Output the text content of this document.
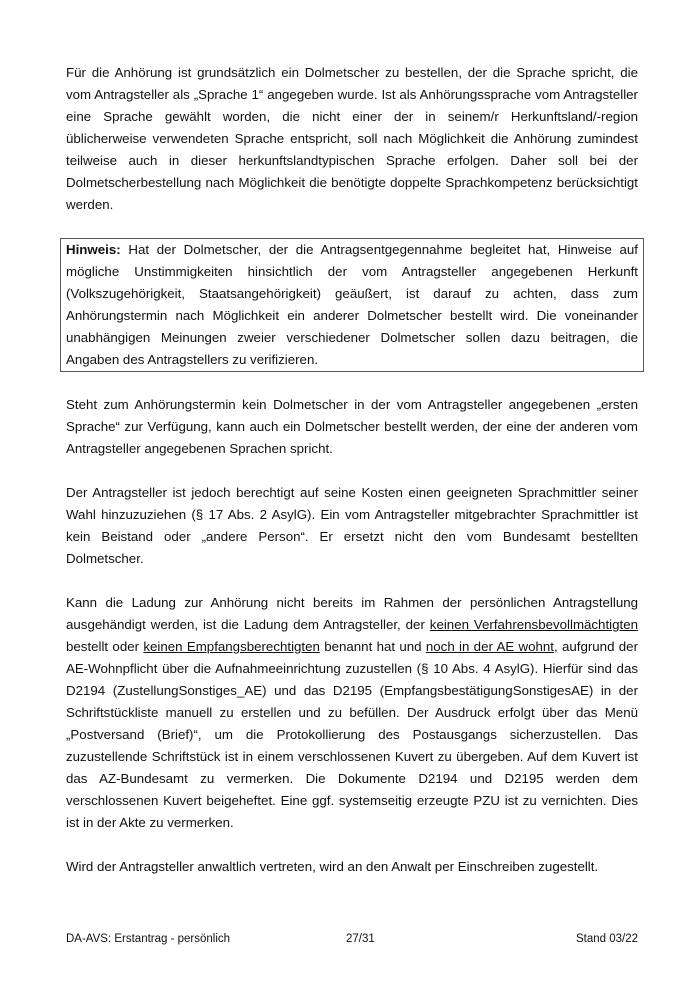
Für die Anhörung ist grundsätzlich ein Dolmetscher zu bestellen, der die Sprache spricht, die vom Antragsteller als „Sprache 1“ angegeben wurde. Ist als Anhörungssprache vom Antragsteller eine Sprache gewählt worden, die nicht einer der in seinem/r Herkunftsland/-region üblicherweise verwendeten Sprache entspricht, soll nach Möglichkeit die Anhörung zumindest teilweise auch in dieser herkunftslandtypischen Sprache erfolgen. Daher soll bei der Dolmetscherbestellung nach Möglichkeit die benötigte doppelte Sprachkompetenz berücksichtigt werden.

Hinweis: Hat der Dolmetscher, der die Antragsentgegennahme begleitet hat, Hinweise auf mögliche Unstimmigkeiten hinsichtlich der vom Antragsteller angegebenen Herkunft (Volkszugehörigkeit, Staatsangehörigkeit) geäußert, ist darauf zu achten, dass zum Anhörungstermin nach Möglichkeit ein anderer Dolmetscher bestellt wird. Die voneinander unabhängigen Meinungen zweier verschiedener Dolmetscher sollen dazu beitragen, die Angaben des Antragstellers zu verifizieren.

Steht zum Anhörungstermin kein Dolmetscher in der vom Antragsteller angegebenen „ersten Sprache“ zur Verfügung, kann auch ein Dolmetscher bestellt werden, der eine der anderen vom Antragsteller angegebenen Sprachen spricht.

Der Antragsteller ist jedoch berechtigt auf seine Kosten einen geeigneten Sprachmittler seiner Wahl hinzuzuziehen (§ 17 Abs. 2 AsylG). Ein vom Antragsteller mitgebrachter Sprachmittler ist kein Beistand oder „andere Person“. Er ersetzt nicht den vom Bundesamt bestellten Dolmetscher.

Kann die Ladung zur Anhörung nicht bereits im Rahmen der persönlichen Antragstellung ausgehändigt werden, ist die Ladung dem Antragsteller, der keinen Verfahrensbevollmächtigten bestellt oder keinen Empfangsberechtigten benannt hat und noch in der AE wohnt, aufgrund der AE-Wohnpflicht über die Aufnahmeeinrichtung zuzustellen (§ 10 Abs. 4 AsylG). Hierfür sind das D2194 (ZustellungSonstiges_AE) und das D2195 (EmpfangsbestätigungSonstigesAE) in der Schriftstückliste manuell zu erstellen und zu befüllen. Der Ausdruck erfolgt über das Menü „Postversand (Brief)“, um die Protokollierung des Postausgangs sicherzustellen. Das zuzustellende Schriftstück ist in einem verschlossenen Kuvert zu übergeben. Auf dem Kuvert ist das AZ-Bundesamt zu vermerken. Die Dokumente D2194 und D2195 werden dem verschlossenen Kuvert beigeheftet. Eine ggf. systemseitig erzeugte PZU ist zu vernichten. Dies ist in der Akte zu vermerken.

Wird der Antragsteller anwaltlich vertreten, wird an den Anwalt per Einschreiben zugestellt.

DA-AVS: Erstantrag - persönlich	27/31	Stand 03/22
